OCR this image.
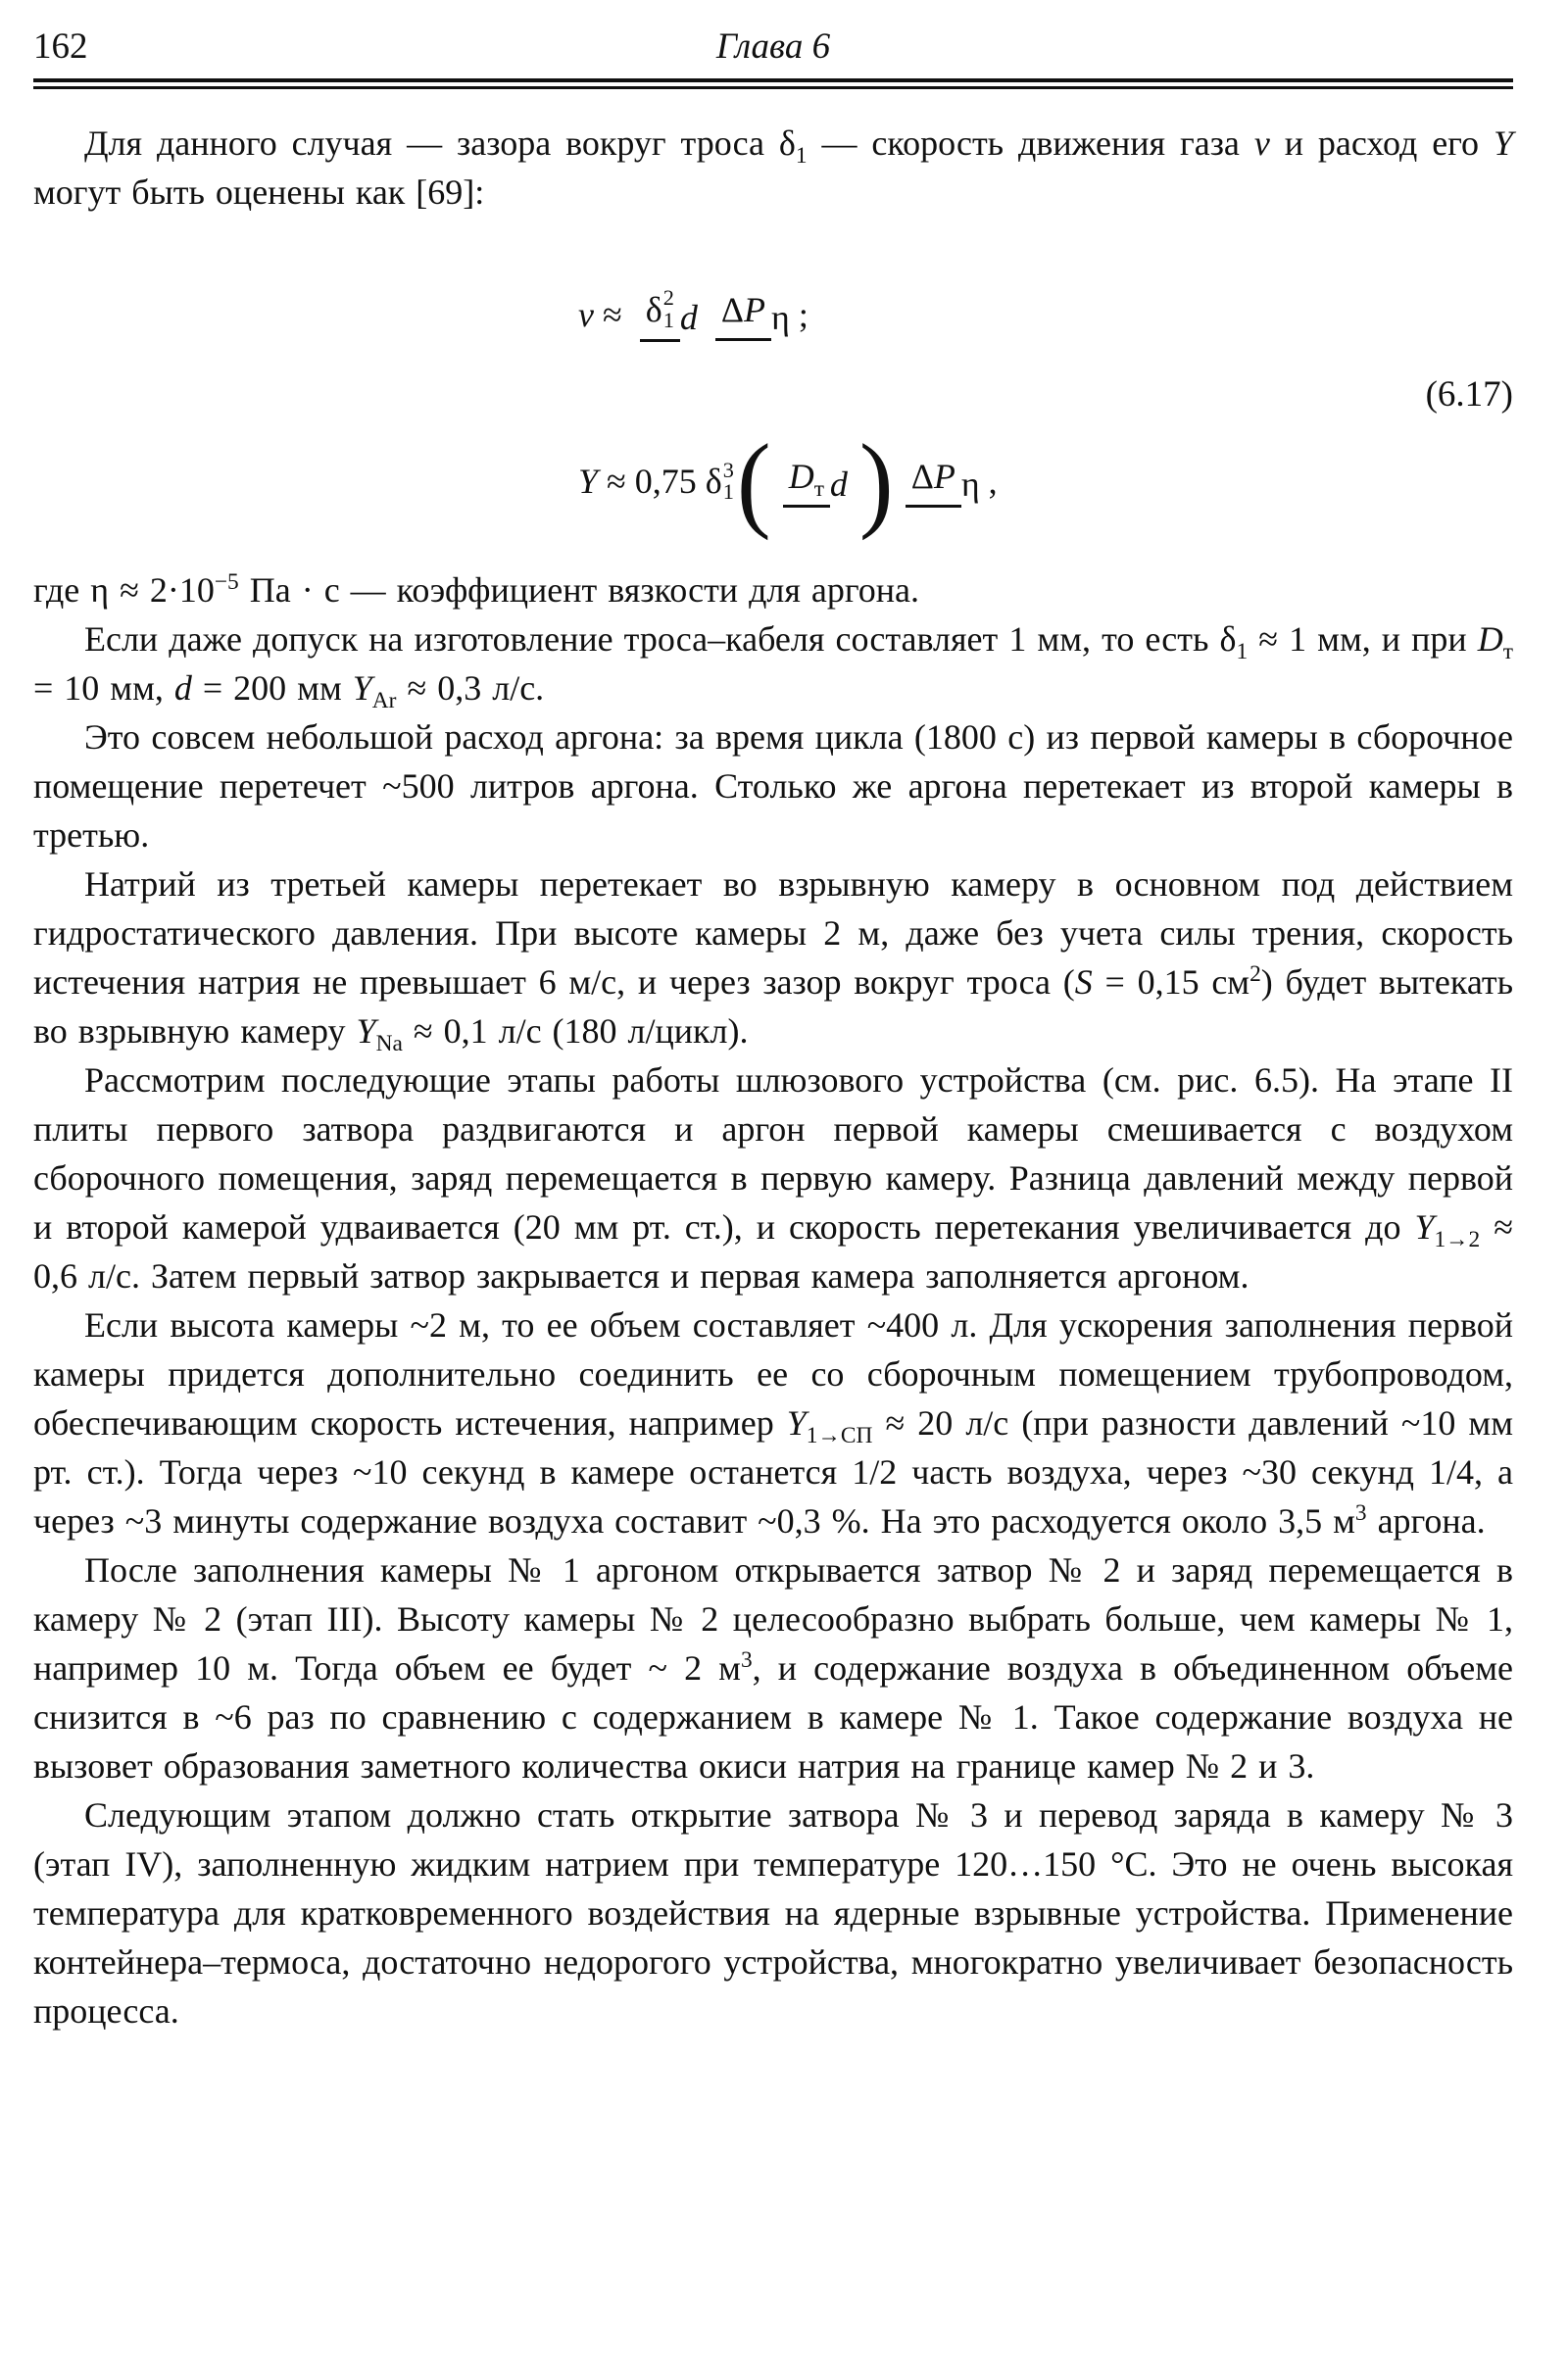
162	Глава 6

Для данного случая — зазора вокруг троса $\delta_1$ — скорость движения газа v и расход его Y могут быть оценены как [69]:

v ≈ δ 2
1 d ΔP η ;
Y ≈ 0,75 δ 3
1 ( $D_т$ d ) ΔP η ,
(6.17)

где $\eta \approx 2\cdot 10^{-5}$ Па · с — коэффициент вязкости для аргона.

Если даже допуск на изготовление троса–кабеля составляет 1 мм, то есть $\delta_1 \approx 1$ мм, и при $D_т = 10$ мм, d = 200 мм $Y_{Ar} \approx 0,3$ л/с.

Это совсем небольшой расход аргона: за время цикла (1800 с) из первой камеры в сборочное помещение перетечет ~500 литров аргона. Столько же аргона перетекает из второй камеры в третью.

Натрий из третьей камеры перетекает во взрывную камеру в основном под действием гидростатического давления. При высоте камеры 2 м, даже без учета силы трения, скорость истечения натрия не превышает 6 м/с, и через зазор вокруг троса (S = 0,15 $см^2$) будет вытекать во взрывную камеру $Y_{Na} \approx 0,1$ л/с (180 л/цикл).

Рассмотрим последующие этапы работы шлюзового устройства (см. рис. 6.5). На этапе II плиты первого затвора раздвигаются и аргон первой камеры смешивается с воздухом сборочного помещения, заряд перемещается в первую камеру. Разница давлений между первой и второй камерой удваивается (20 мм рт. ст.), и скорость перетекания увеличивается до $Y_{1\to 2} \approx 0,6$ л/с. Затем первый затвор закрывается и первая камера заполняется аргоном.

Если высота камеры ~2 м, то ее объем составляет ~400 л. Для ускорения заполнения первой камеры придется дополнительно соединить ее со сборочным помещением трубопроводом, обеспечивающим скорость истечения, например $Y_{1\to СП} \approx 20$ л/с (при разности давлений ~10 мм рт. ст.). Тогда через ~10 секунд в камере останется 1/2 часть воздуха, через ~30 секунд 1/4, а через ~3 минуты содержание воздуха составит ~0,3 %. На это расходуется около 3,5 $м^3$ аргона.

После заполнения камеры № 1 аргоном открывается затвор № 2 и заряд перемещается в камеру № 2 (этап III). Высоту камеры № 2 целесообразно выбрать больше, чем камеры № 1, например 10 м. Тогда объем ее будет ~ 2 $м^3$, и содержание воздуха в объединенном объеме снизится в ~6 раз по сравнению с содержанием в камере № 1. Такое содержание воздуха не вызовет образования заметного количества окиси натрия на границе камер № 2 и 3.

Следующим этапом должно стать открытие затвора № 3 и перевод заряда в камеру № 3 (этап IV), заполненную жидким натрием при температуре 120…150 °С. Это не очень высокая температура для кратковременного воздействия на ядерные взрывные устройства. Применение контейнера–термоса, достаточно недорогого устройства, многократно увеличивает безопасность процесса.
